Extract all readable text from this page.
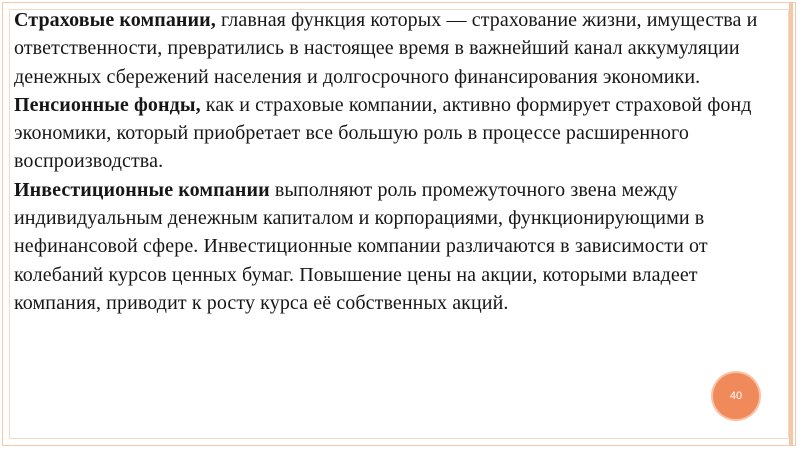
Страховые компании, главная функция которых — страхование жизни, имущества и ответственности, превратились в настоящее время в важнейший канал аккумуляции денежных сбережений населения и долгосрочного финансирования экономики.

Пенсионные фонды, как и страховые компании, активно формирует страховой фонд экономики, который приобретает все большую роль в процессе расширенного воспроизводства.

Инвестиционные компании выполняют роль промежуточного звена между индивидуальным денежным капиталом и корпорациями, функционирующими в нефинансовой сфере. Инвестиционные компании различаются в зависимости от колебаний курсов ценных бумаг. Повышение цены на акции, которыми владеет компания, приводит к росту курса её собственных акций.

40
